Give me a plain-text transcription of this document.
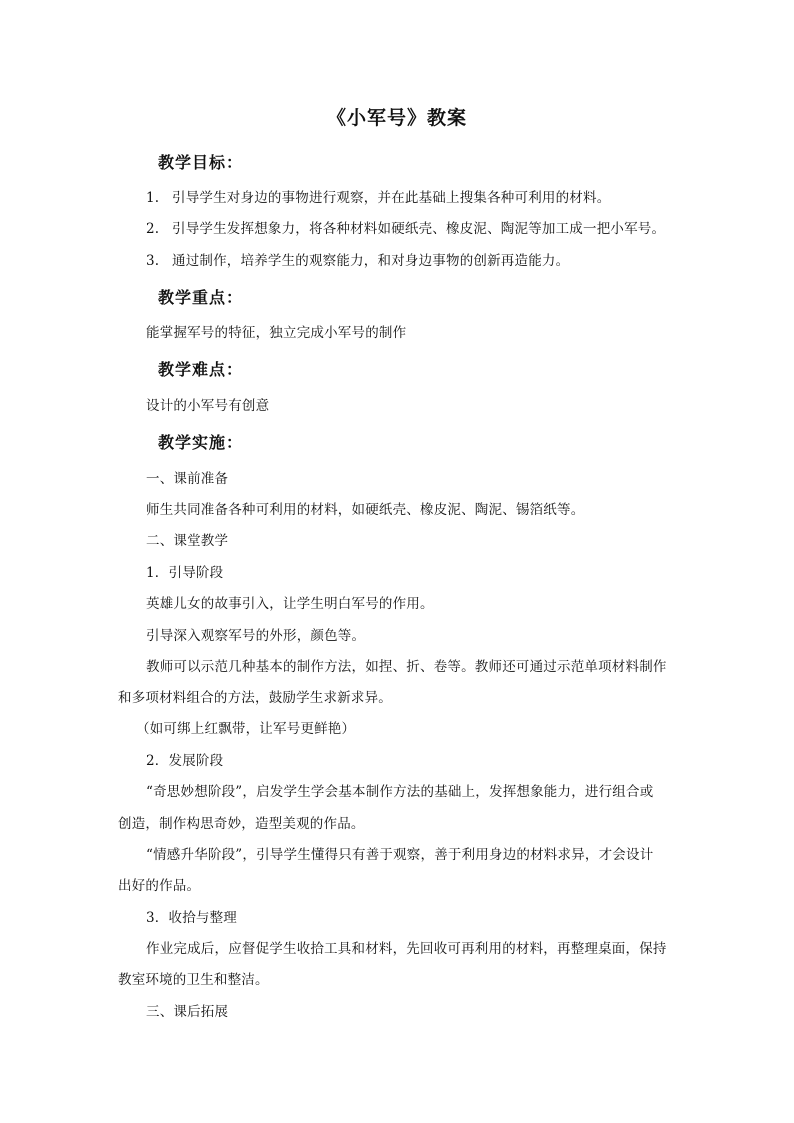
《小军号》教案
教学目标：
1. 引导学生对身边的事物进行观察，并在此基础上搜集各种可利用的材料。
2. 引导学生发挥想象力，将各种材料如硬纸壳、橡皮泥、陶泥等加工成一把小军号。
3. 通过制作，培养学生的观察能力，和对身边事物的创新再造能力。
教学重点：
能掌握军号的特征，独立完成小军号的制作
教学难点：
设计的小军号有创意
教学实施：
一、课前准备
师生共同准备各种可利用的材料，如硬纸壳、橡皮泥、陶泥、锡箔纸等。
二、课堂教学
1．引导阶段
英雄儿女的故事引入，让学生明白军号的作用。
引导深入观察军号的外形，颜色等。
教师可以示范几种基本的制作方法，如捏、折、卷等。教师还可通过示范单项材料制作
和多项材料组合的方法，鼓励学生求新求异。
（如可绑上红飘带，让军号更鲜艳）
2．发展阶段
“奇思妙想阶段”，启发学生学会基本制作方法的基础上，发挥想象能力，进行组合或
创造，制作构思奇妙，造型美观的作品。
“情感升华阶段”，引导学生懂得只有善于观察，善于利用身边的材料求异，才会设计
出好的作品。
3．收拾与整理
作业完成后，应督促学生收拾工具和材料，先回收可再利用的材料，再整理桌面，保持
教室环境的卫生和整洁。
三、课后拓展
